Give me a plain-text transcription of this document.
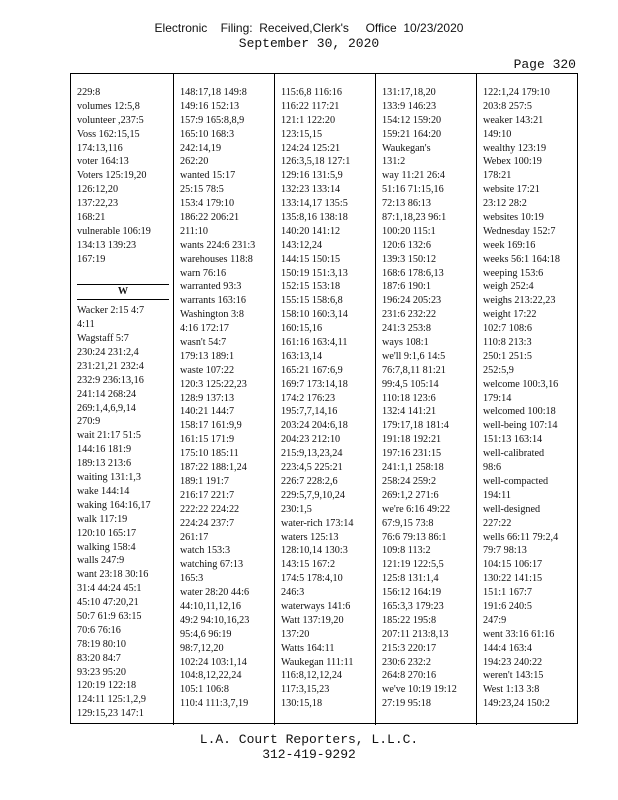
Electronic    Filing:  Received,Clerk's     Office  10/23/2020
September 30, 2020
Page 320
229:8
volumes 12:5,8
volunteer ,237:5
Voss 162:15,15
174:13,116
voter 164:13
Voters 125:19,20
126:12,20
137:22,23
168:21
vulnerable 106:19
134:13 139:23
167:19
W
Wacker 2:15 4:7
4:11
Wagstaff 5:7
230:24 231:2,4
231:21,21 232:4
232:9 236:13,16
241:14 268:24
269:1,4,6,9,14
270:9
wait 21:17 51:5
144:16 181:9
189:13 213:6
waiting 131:1,3
wake 144:14
waking 164:16,17
walk 117:19
120:10 165:17
walking 158:4
walls 247:9
want 23:18 30:16
31:4 44:24 45:1
45:10 47:20,21
50:7 61:9 63:15
70:6 76:16
78:19 80:10
83:20 84:7
93:23 95:20
120:19 122:18
124:11 125:1,2,9
129:15,23 147:1
148:17,18 149:8
149:16 152:13
157:9 165:8,8,9
165:10 168:3
242:14,19
262:20
wanted 15:17
25:15 78:5
153:4 179:10
186:22 206:21
211:10
wants 224:6 231:3
warehouses 118:8
warn 76:16
warranted 93:3
warrants 163:16
Washington 3:8
4:16 172:17
wasn't 54:7
179:13 189:1
waste 107:22
120:3 125:22,23
128:9 137:13
140:21 144:7
158:17 161:9,9
161:15 171:9
175:10 185:11
187:22 188:1,24
189:1 191:7
216:17 221:7
222:22 224:22
224:24 237:7
261:17
watch 153:3
watching 67:13
165:3
water 28:20 44:6
44:10,11,12,16
49:2 94:10,16,23
95:4,6 96:19
98:7,12,20
102:24 103:1,14
104:8,12,22,24
105:1 106:8
110:4 111:3,7,19
115:6,8 116:16
116:22 117:21
121:1 122:20
123:15,15
124:24 125:21
126:3,5,18 127:1
129:16 131:5,9
132:23 133:14
133:14,17 135:5
135:8,16 138:18
140:20 141:12
143:12,24
144:15 150:15
150:19 151:3,13
152:15 153:18
155:15 158:6,8
158:10 160:3,14
160:15,16
161:16 163:4,11
163:13,14
165:21 167:6,9
169:7 173:14,18
174:2 176:23
195:7,7,14,16
203:24 204:6,18
204:23 212:10
215:9,13,23,24
223:4,5 225:21
226:7 228:2,6
229:5,7,9,10,24
230:1,5
water-rich 173:14
waters 125:13
128:10,14 130:3
143:15 167:2
174:5 178:4,10
246:3
waterways 141:6
Watt 137:19,20
137:20
Watts 164:11
Waukegan 111:11
116:8,12,12,24
117:3,15,23
130:15,18
131:17,18,20
133:9 146:23
154:12 159:20
159:21 164:20
Waukegan's
131:2
way 11:21 26:4
51:16 71:15,16
72:13 86:13
87:1,18,23 96:1
100:20 115:1
120:6 132:6
139:3 150:12
168:6 178:6,13
187:6 190:1
196:24 205:23
231:6 232:22
241:3 253:8
ways 108:1
we'll 9:1,6 14:5
76:7,8,11 81:21
99:4,5 105:14
110:18 123:6
132:4 141:21
179:17,18 181:4
191:18 192:21
197:16 231:15
241:1,1 258:18
258:24 259:2
269:1,2 271:6
we're 6:16 49:22
67:9,15 73:8
76:6 79:13 86:1
109:8 113:2
121:19 122:5,5
125:8 131:1,4
156:12 164:19
165:3,3 179:23
185:22 195:8
207:11 213:8,13
215:3 220:17
230:6 232:2
264:8 270:16
we've 10:19 19:12
27:19 95:18
122:1,24 179:10
203:8 257:5
weaker 143:21
149:10
wealthy 123:19
Webex 100:19
178:21
website 17:21
23:12 28:2
websites 10:19
Wednesday 152:7
week 169:16
weeks 56:1 164:18
weeping 153:6
weigh 252:4
weighs 213:22,23
weight 17:22
102:7 108:6
110:8 213:3
250:1 251:5
252:5,9
welcome 100:3,16
179:14
welcomed 100:18
well-being 107:14
151:13 163:14
well-calibrated
98:6
well-compacted
194:11
well-designed
227:22
wells 66:11 79:2,4
79:7 98:13
104:15 106:17
130:22 141:15
151:1 167:7
191:6 240:5
247:9
went 33:16 61:16
144:4 163:4
194:23 240:22
weren't 143:15
West 1:13 3:8
149:23,24 150:2
L.A. Court Reporters, L.L.C.
312-419-9292
